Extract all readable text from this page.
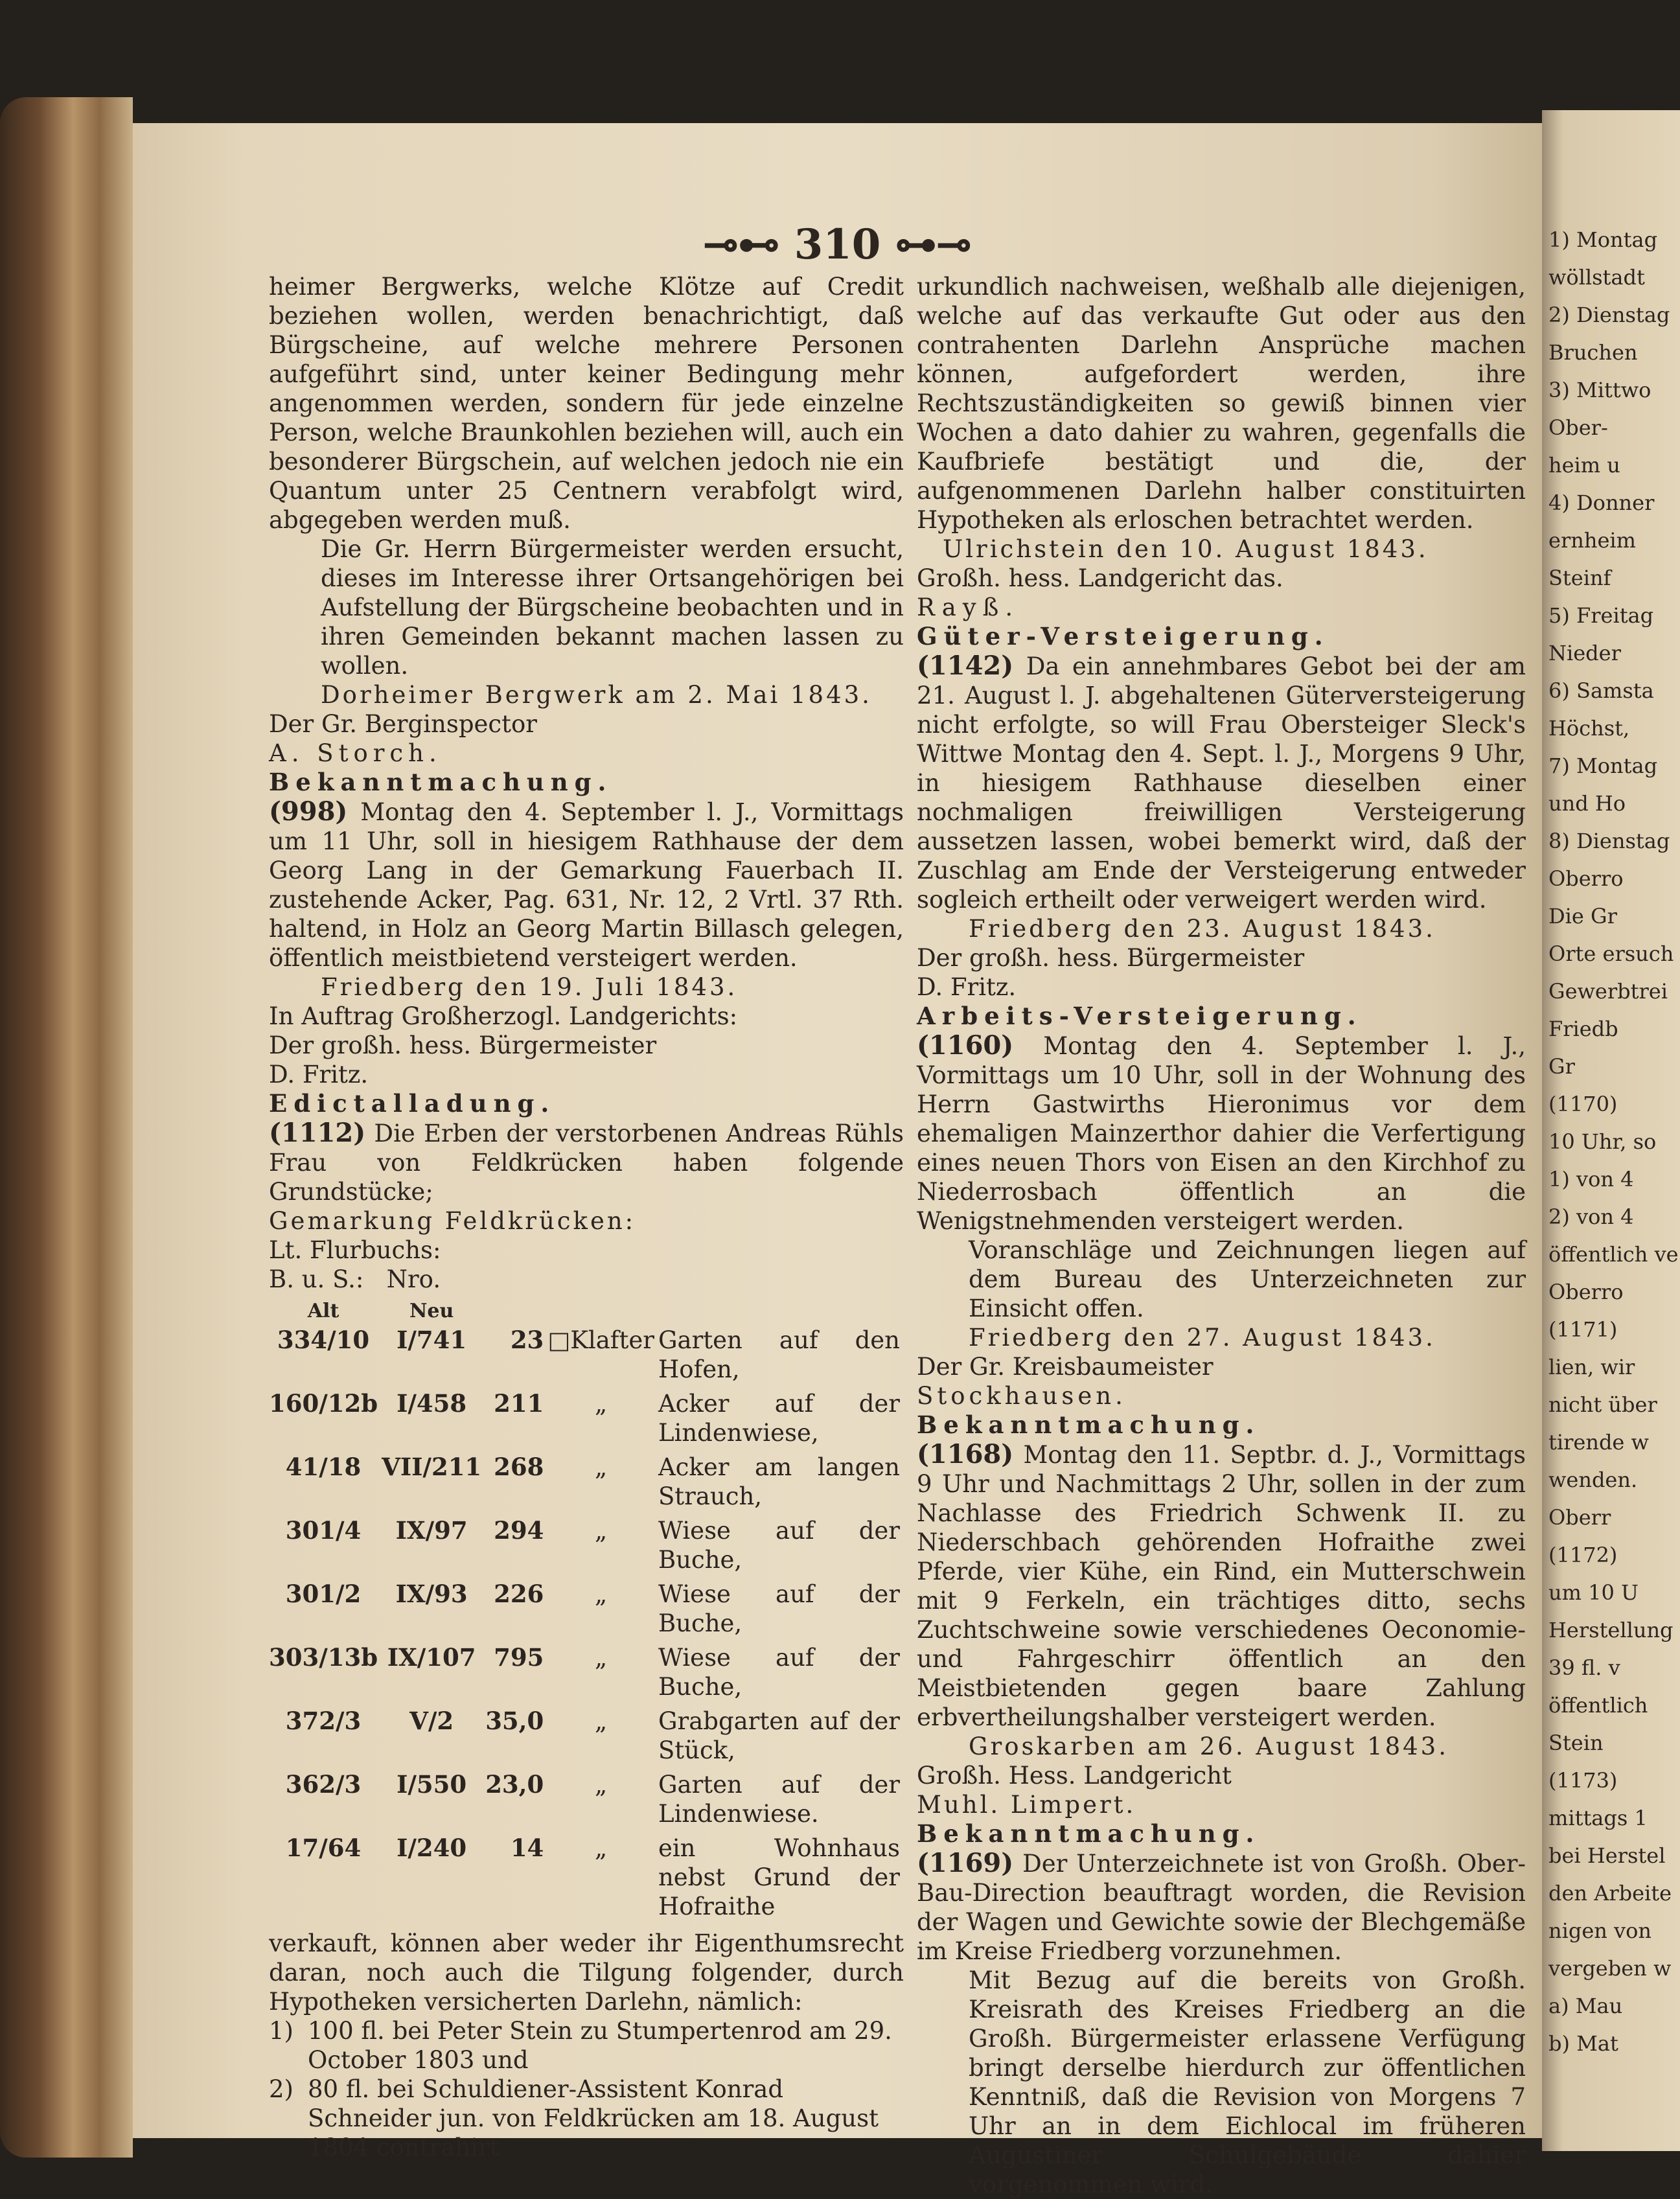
⊸⊷ 310 ⊶⊸

heimer Bergwerks, welche Klötze auf Credit beziehen wollen, werden benachrichtigt, daß Bürgscheine, auf welche mehrere Personen aufgeführt sind, unter keiner Bedingung mehr angenommen werden, sondern für jede einzelne Person, welche Braunkohlen beziehen will, auch ein besonderer Bürgschein, auf welchen jedoch nie ein Quantum unter 25 Centnern verabfolgt wird, abgegeben werden muß.

Die Gr. Herrn Bürgermeister werden ersucht, dieses im Interesse ihrer Ortsangehörigen bei Aufstellung der Bürgscheine beobachten und in ihren Gemeinden bekannt machen lassen zu wollen.

Dorheimer Bergwerk am 2. Mai 1843.

Der Gr. Berginspector

A. Storch.

Bekanntmachung.

(998) Montag den 4. September l. J., Vormittags um 11 Uhr, soll in hiesigem Rathhause der dem Georg Lang in der Gemarkung Fauerbach II. zustehende Acker, Pag. 631, Nr. 12, 2 Vrtl. 37 Rth. haltend, in Holz an Georg Martin Billasch gelegen, öffentlich meistbietend versteigert werden.

Friedberg den 19. Juli 1843.

In Auftrag Großherzogl. Landgerichts:

Der großh. hess. Bürgermeister

D. Fritz.

Edictalladung.

(1112) Die Erben der verstorbenen Andreas Rühls Frau von Feldkrücken haben folgende Grundstücke;

Gemarkung Feldkrücken:

Lt. Flurbuchs:

B. u. S.: Nro.

Alt	Neu			
334/10	I/741	23	□Klafter	Garten auf den Hofen,
160/12b	I/458	211	„	Acker auf der Lindenwiese,
41/18	VII/211	268	„	Acker am langen Strauch,
301/4	IX/97	294	„	Wiese auf der Buche,
301/2	IX/93	226	„	Wiese auf der Buche,
303/13b	IX/107	795	„	Wiese auf der Buche,
372/3	V/2	35,0	„	Grabgarten auf der Stück,
362/3	I/550	23,0	„	Garten auf der Lindenwiese.
17/64	I/240	14	„	ein Wohnhaus nebst Grund der Hofraithe

verkauft, können aber weder ihr Eigenthumsrecht daran, noch auch die Tilgung folgender, durch Hypotheken versicherten Darlehn, nämlich:

1) 100 fl. bei Peter Stein zu Stumpertenrod am 29. October 1803 und
2) 80 fl. bei Schuldiener-Assistent Konrad Schneider jun. von Feldkrücken am 18. August 1804 contrahirt

urkundlich nachweisen, weßhalb alle diejenigen, welche auf das verkaufte Gut oder aus den contrahenten Darlehn Ansprüche machen können, aufgefordert werden, ihre Rechtszuständigkeiten so gewiß binnen vier Wochen a dato dahier zu wahren, gegenfalls die Kaufbriefe bestätigt und die, der aufgenommenen Darlehn halber constituirten Hypotheken als erloschen betrachtet werden.

Ulrichstein den 10. August 1843.

Großh. hess. Landgericht das.

Rayß.

Güter-Versteigerung.

(1142) Da ein annehmbares Gebot bei der am 21. August l. J. abgehaltenen Güterversteigerung nicht erfolgte, so will Frau Obersteiger Sleck's Wittwe Montag den 4. Sept. l. J., Morgens 9 Uhr, in hiesigem Rathhause dieselben einer nochmaligen freiwilligen Versteigerung aussetzen lassen, wobei bemerkt wird, daß der Zuschlag am Ende der Versteigerung entweder sogleich ertheilt oder verweigert werden wird.

Friedberg den 23. August 1843.

Der großh. hess. Bürgermeister

D. Fritz.

Arbeits-Versteigerung.

(1160) Montag den 4. September l. J., Vormittags um 10 Uhr, soll in der Wohnung des Herrn Gastwirths Hieronimus vor dem ehemaligen Mainzerthor dahier die Verfertigung eines neuen Thors von Eisen an den Kirchhof zu Niederrosbach öffentlich an die Wenigstnehmenden versteigert werden.

Voranschläge und Zeichnungen liegen auf dem Bureau des Unterzeichneten zur Einsicht offen.

Friedberg den 27. August 1843.

Der Gr. Kreisbaumeister

Stockhausen.

Bekanntmachung.

(1168) Montag den 11. Septbr. d. J., Vormittags 9 Uhr und Nachmittags 2 Uhr, sollen in der zum Nachlasse des Friedrich Schwenk II. zu Niederschbach gehörenden Hofraithe zwei Pferde, vier Kühe, ein Rind, ein Mutterschwein mit 9 Ferkeln, ein trächtiges ditto, sechs Zuchtschweine sowie verschiedenes Oeconomie- und Fahrgeschirr öffentlich an den Meistbietenden gegen baare Zahlung erbvertheilungshalber versteigert werden.

Groskarben am 26. August 1843.

Großh. Hess. Landgericht

Muhl. Limpert.

Bekanntmachung.

(1169) Der Unterzeichnete ist von Großh. Ober-Bau-Direction beauftragt worden, die Revision der Wagen und Gewichte sowie der Blechgemäße im Kreise Friedberg vorzunehmen.

Mit Bezug auf die bereits von Großh. Kreisrath des Kreises Friedberg an die Großh. Bürgermeister erlassene Verfügung bringt derselbe hierdurch zur öffentlichen Kenntniß, daß die Revision von Morgens 7 Uhr an in dem Eichlocal im früheren Augustiner Schulgebäude dahier vorgenommen wird.

1) Montag
wöllstadt
2) Dienstag
Bruchen
3) Mittwo
Ober-
heim u
4) Donner
ernheim
Steinf
5) Freitag
Nieder
6) Samsta
Höchst,
7) Montag
und Ho
8) Dienstag
Oberro
Die Gr
Orte ersuch
Gewerbtrei
Friedb
Gr
(1170)
10 Uhr, so
1) von 4
2) von 4
öffentlich ve
Oberro
(1171)
lien, wir
nicht über
tirende w
wenden.
Oberr
(1172)
um 10 U
Herstellung
39 fl. v
öffentlich
Stein
(1173)
mittags 1
bei Herstel
den Arbeite
nigen von
vergeben w
a) Mau
b) Mat
